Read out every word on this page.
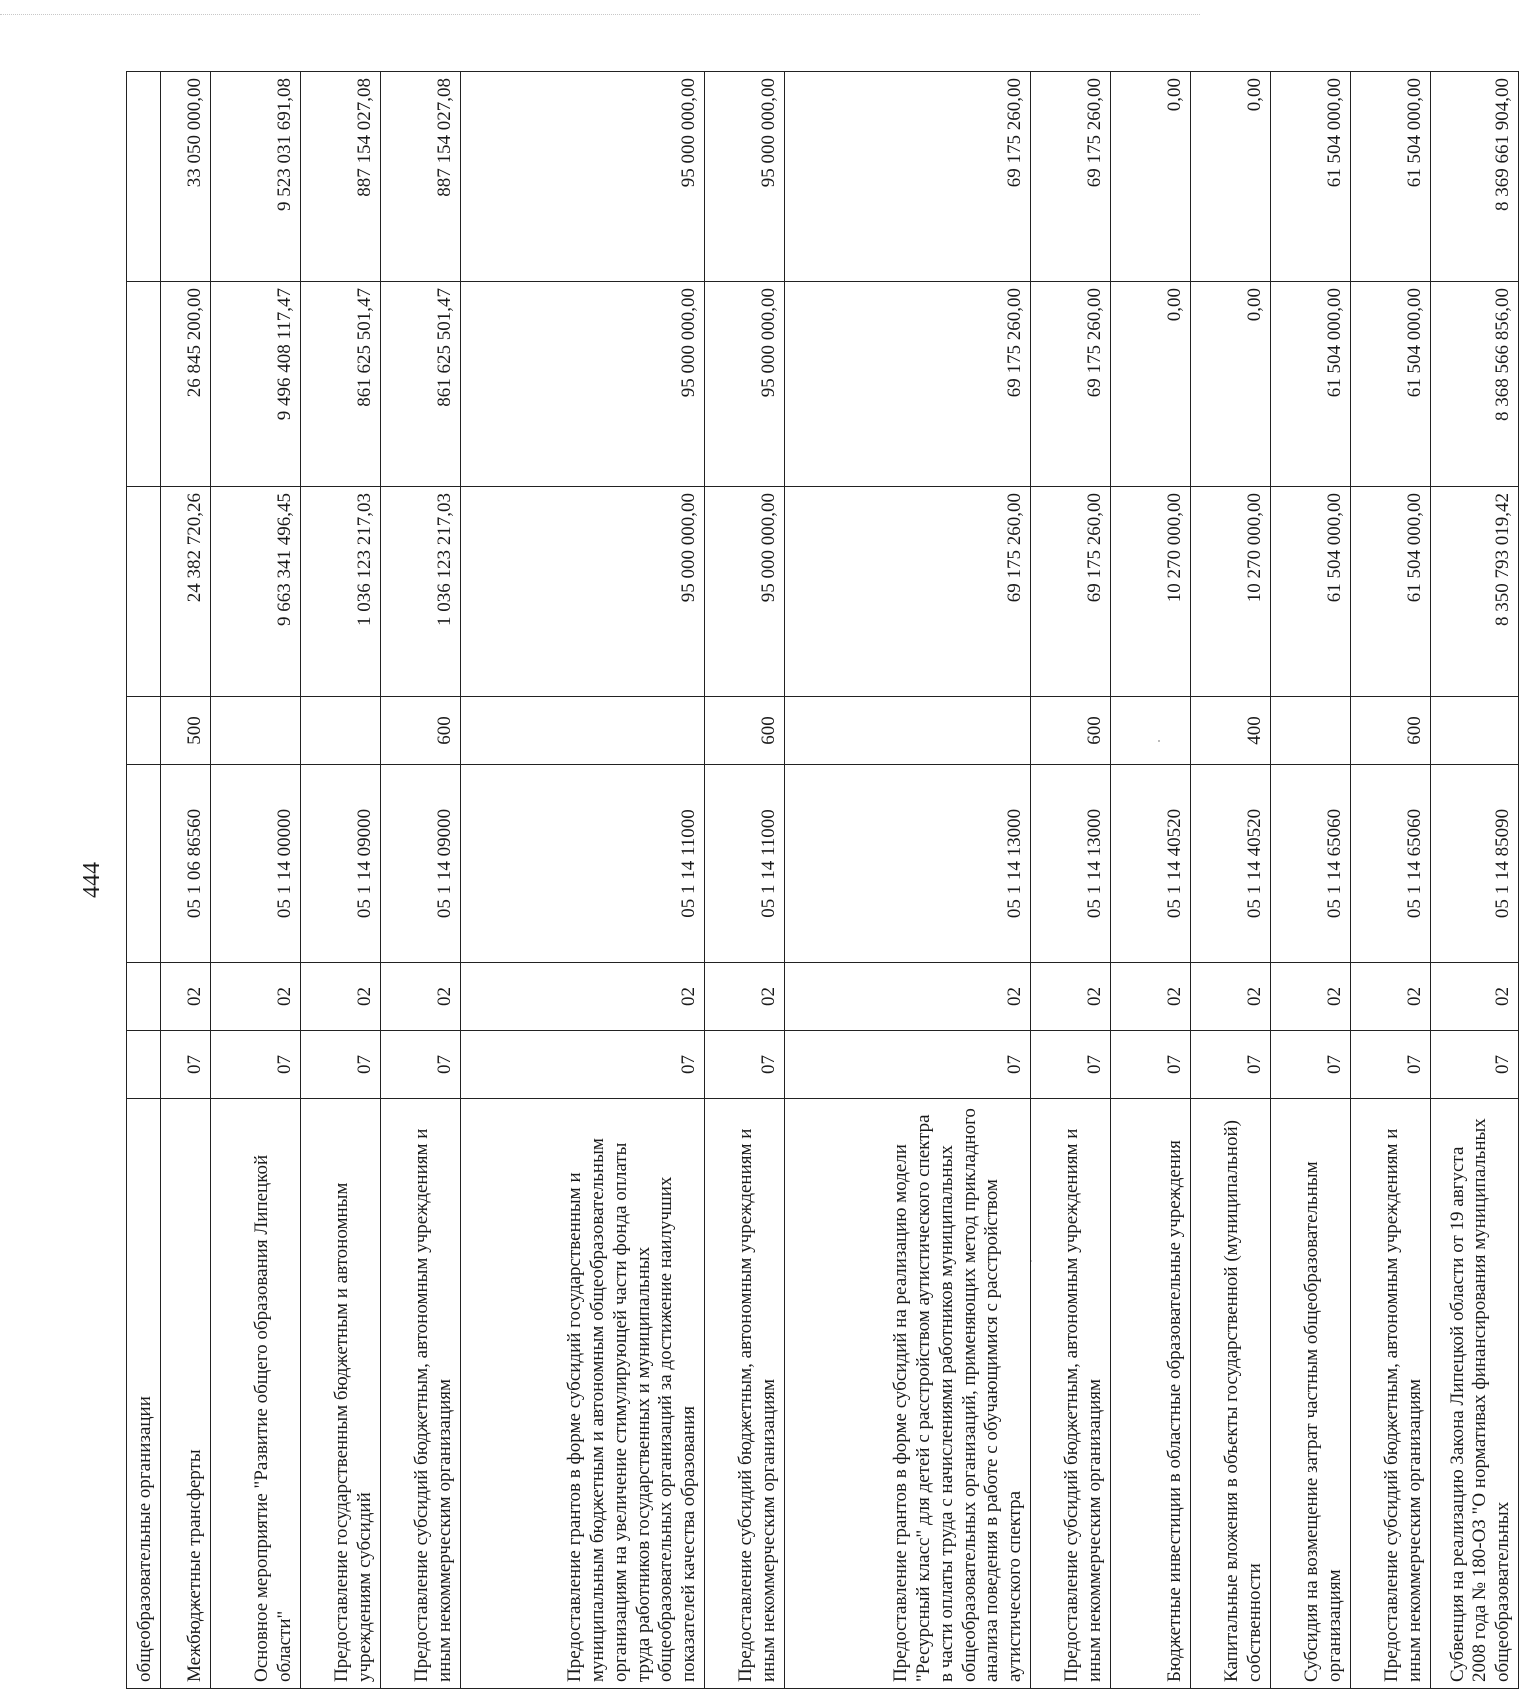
444
общеобразовательные организации							
Межбюджетные трансферты	07	02	05 1 06 86560	500	24 382 720,26	26 845 200,00	33 050 000,00
Основное мероприятие "Развитие общего образования Липецкой области"	07	02	05 1 14 00000		9 663 341 496,45	9 496 408 117,47	9 523 031 691,08
Предоставление государственным бюджетным и автономным учреждениям субсидий	07	02	05 1 14 09000		1 036 123 217,03	861 625 501,47	887 154 027,08
Предоставление субсидий бюджетным, автономным учреждениям и иным некоммерческим организациям	07	02	05 1 14 09000	600	1 036 123 217,03	861 625 501,47	887 154 027,08
Предоставление грантов в форме субсидий государственным и муниципальным бюджетным и автономным общеобразовательным организациям на увеличение стимулирующей части фонда оплаты труда работников государственных и муниципальных общеобразовательных организаций за достижение наилучших показателей качества образования	07	02	05 1 14 11000		95 000 000,00	95 000 000,00	95 000 000,00
Предоставление субсидий бюджетным, автономным учреждениям и иным некоммерческим организациям	07	02	05 1 14 11000	600	95 000 000,00	95 000 000,00	95 000 000,00
Предоставление грантов в форме субсидий на реализацию модели "Ресурсный класс" для детей с расстройством аутистического спектра в части оплаты труда с начислениями работников муниципальных общеобразовательных организаций, применяющих метод прикладного анализа поведения в работе с обучающимися с расстройством аутистического спектра	07	02	05 1 14 13000		69 175 260,00	69 175 260,00	69 175 260,00
Предоставление субсидий бюджетным, автономным учреждениям и иным некоммерческим организациям	07	02	05 1 14 13000	600	69 175 260,00	69 175 260,00	69 175 260,00
Бюджетные инвестиции в областные образовательные учреждения	07	02	05 1 14 40520		10 270 000,00	0,00	0,00
Капитальные вложения в объекты государственной (муниципальной) собственности	07	02	05 1 14 40520	400	10 270 000,00	0,00	0,00
Субсидия на возмещение затрат частным общеобразовательным организациям	07	02	05 1 14 65060		61 504 000,00	61 504 000,00	61 504 000,00
Предоставление субсидий бюджетным, автономным учреждениям и иным некоммерческим организациям	07	02	05 1 14 65060	600	61 504 000,00	61 504 000,00	61 504 000,00
Субвенция на реализацию Закона Липецкой области от 19 августа 2008 года № 180-ОЗ "О нормативах финансирования муниципальных общеобразовательных	07	02	05 1 14 85090		8 350 793 019,42	8 368 566 856,00	8 369 661 904,00
